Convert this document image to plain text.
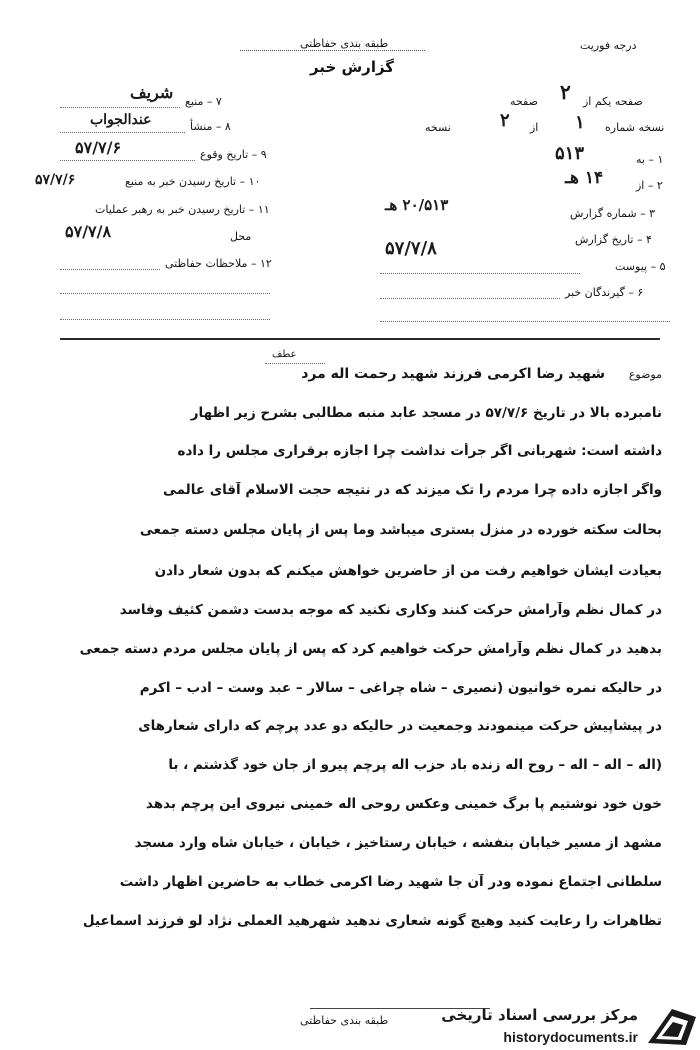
طبقه بندی حفاظتی
گزارش خبر
درجه فوریت
۷ – منبع
شريف
۸ – منشأ
عندالجواب
۹ – تاریخ وقوع
۵۷/۷/۶
۱۰ – تاریخ رسیدن خبر به منبع
۵۷/۷/۶
۱۱ – تاریخ رسیدن خبر به رهبر عملیات
محل
۵۷/۷/۸
۱۲ – ملاحظات حفاظتی
صفحه یکم از
۲
صفحه
نسخه شماره
۱
از
۲
نسخه
۱ – به
۵۱۳
۲ – از
۱۴ هـ
۳ – شماره گزارش
۲۰/۵۱۳ هـ
۴ – تاریخ گزارش
۵۷/۷/۸
۵ – پیوست
۶ – گیرندگان خبر
عطف
موضوع
شهید رضا اکرمی فرزند شهید رحمت اله مرد
نامبرده بالا در تاریخ ۵۷/۷/۶ در مسجد عابد منبه مطالبی بشرح زیر اظهار
داشته است: شهربانی اگر جرأت نداشت چرا اجازه برقراری مجلس را داده
واگر اجازه داده چرا مردم را تک میزند که در نتیجه حجت الاسلام آقای عالمی
بحالت سکته خورده در منزل بستری میباشد وما پس از پایان مجلس دسته جمعی
بعیادت ایشان خواهیم رفت من از حاضرین خواهش میکنم که بدون شعار دادن
در کمال نظم وآرامش حرکت کنند وکاری نکنید که موجه بدست دشمن کثیف وفاسد
بدهید در کمال نظم وآرامش حرکت خواهیم کرد که پس از پایان مجلس مردم دسته جمعی
در حالیکه نمره خوانیون (نصیری – شاه چراغی – سالار – عبد وست – ادب – اکرم
در پیشاپیش حرکت مینمودند وجمعیت در حالیکه دو عدد پرچم که دارای شعارهای
(اله – اله – اله – روح اله زنده باد حزب اله پرچم پیرو از جان خود گذشتم ، با
خون خود نوشتیم پا برگ خمینی وعکس روحی اله خمینی نیروی این پرچم بدهد
مشهد از مسیر خیابان بنفشه ، خیابان رستاخیز ، خیابان ، خیابان شاه وارد مسجد
سلطانی اجتماع نموده ودر آن جا شهید رضا اکرمی خطاب به حاضرین اظهار داشت
تظاهرات را رعایت کنید وهیچ گونه شعاری ندهید شهرهید العملی نژاد لو فرزند اسماعیل
طبقه بندی حفاظتی	مرکز بررسی اسناد تاریخی
historydocuments.ir
